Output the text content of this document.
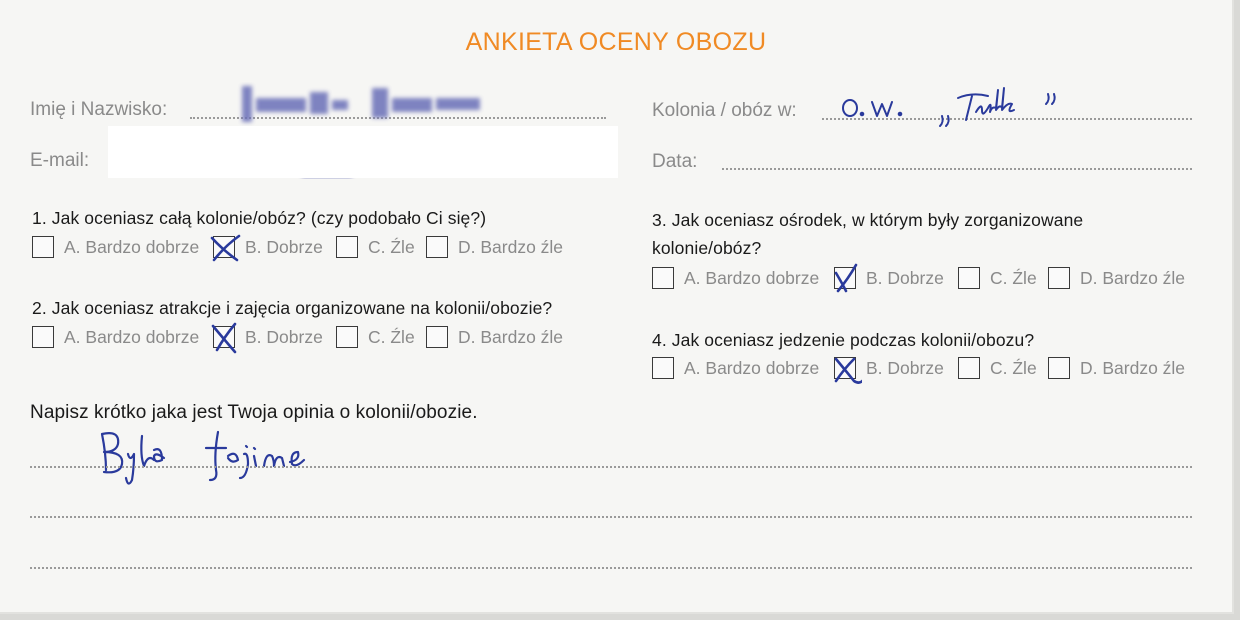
ANKIETA OCENY OBOZU
Imię i Nazwisko:
E-mail:
Kolonia / obóz w:
Data:
1. Jak oceniasz całą kolonie/obóz? (czy podobało Ci się?)
A. Bardzo dobrze	B. Dobrze	C. Źle D. Bardzo źle
2. Jak oceniasz atrakcje i zajęcia organizowane na kolonii/obozie?
A. Bardzo dobrze	B. Dobrze	C. Źle D. Bardzo źle
3. Jak oceniasz ośrodek, w którym były zorganizowane
kolonie/obóz?
A. Bardzo dobrze	B. Dobrze	C. Źle D. Bardzo źle
4. Jak oceniasz jedzenie podczas kolonii/obozu?
A. Bardzo dobrze	B. Dobrze	C. Źle D. Bardzo źle
Napisz krótko jaka jest Twoja opinia o kolonii/obozie.
